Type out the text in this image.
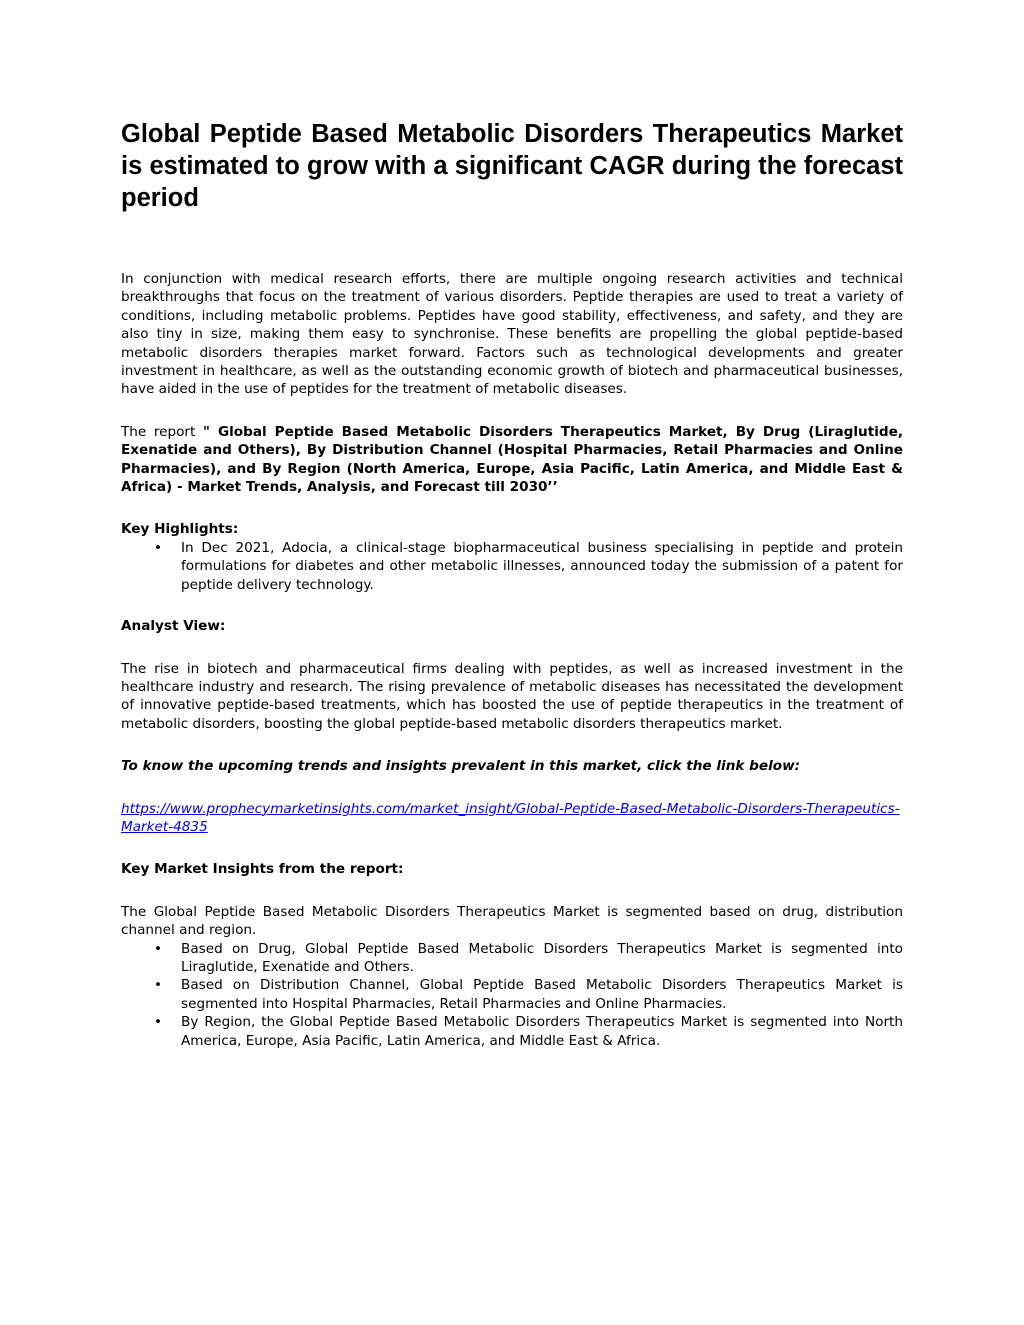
Global Peptide Based Metabolic Disorders Therapeutics Market is estimated to grow with a significant CAGR during the forecast period

In conjunction with medical research efforts, there are multiple ongoing research activities and technical breakthroughs that focus on the treatment of various disorders. Peptide therapies are used to treat a variety of conditions, including metabolic problems. Peptides have good stability, effectiveness, and safety, and they are also tiny in size, making them easy to synchronise. These benefits are propelling the global peptide-based metabolic disorders therapies market forward. Factors such as technological developments and greater investment in healthcare, as well as the outstanding economic growth of biotech and pharmaceutical businesses, have aided in the use of peptides for the treatment of metabolic diseases.

The report " Global Peptide Based Metabolic Disorders Therapeutics Market, By Drug (Liraglutide, Exenatide and Others), By Distribution Channel (Hospital Pharmacies, Retail Pharmacies and Online Pharmacies), and By Region (North America, Europe, Asia Pacific, Latin America, and Middle East & Africa) - Market Trends, Analysis, and Forecast till 2030’’

Key Highlights:

• In Dec 2021, Adocia, a clinical-stage biopharmaceutical business specialising in peptide and protein formulations for diabetes and other metabolic illnesses, announced today the submission of a patent for peptide delivery technology.

Analyst View:

The rise in biotech and pharmaceutical firms dealing with peptides, as well as increased investment in the healthcare industry and research. The rising prevalence of metabolic diseases has necessitated the development of innovative peptide-based treatments, which has boosted the use of peptide therapeutics in the treatment of metabolic disorders, boosting the global peptide-based metabolic disorders therapeutics market.

To know the upcoming trends and insights prevalent in this market, click the link below:

https://www.prophecymarketinsights.com/market_insight/Global-Peptide-Based-Metabolic-Disorders-Therapeutics-Market-4835

Key Market Insights from the report:

The Global Peptide Based Metabolic Disorders Therapeutics Market is segmented based on drug, distribution channel and region.

• Based on Drug, Global Peptide Based Metabolic Disorders Therapeutics Market is segmented into Liraglutide, Exenatide and Others.
• Based on Distribution Channel, Global Peptide Based Metabolic Disorders Therapeutics Market is segmented into Hospital Pharmacies, Retail Pharmacies and Online Pharmacies.
• By Region, the Global Peptide Based Metabolic Disorders Therapeutics Market is segmented into North America, Europe, Asia Pacific, Latin America, and Middle East & Africa.
